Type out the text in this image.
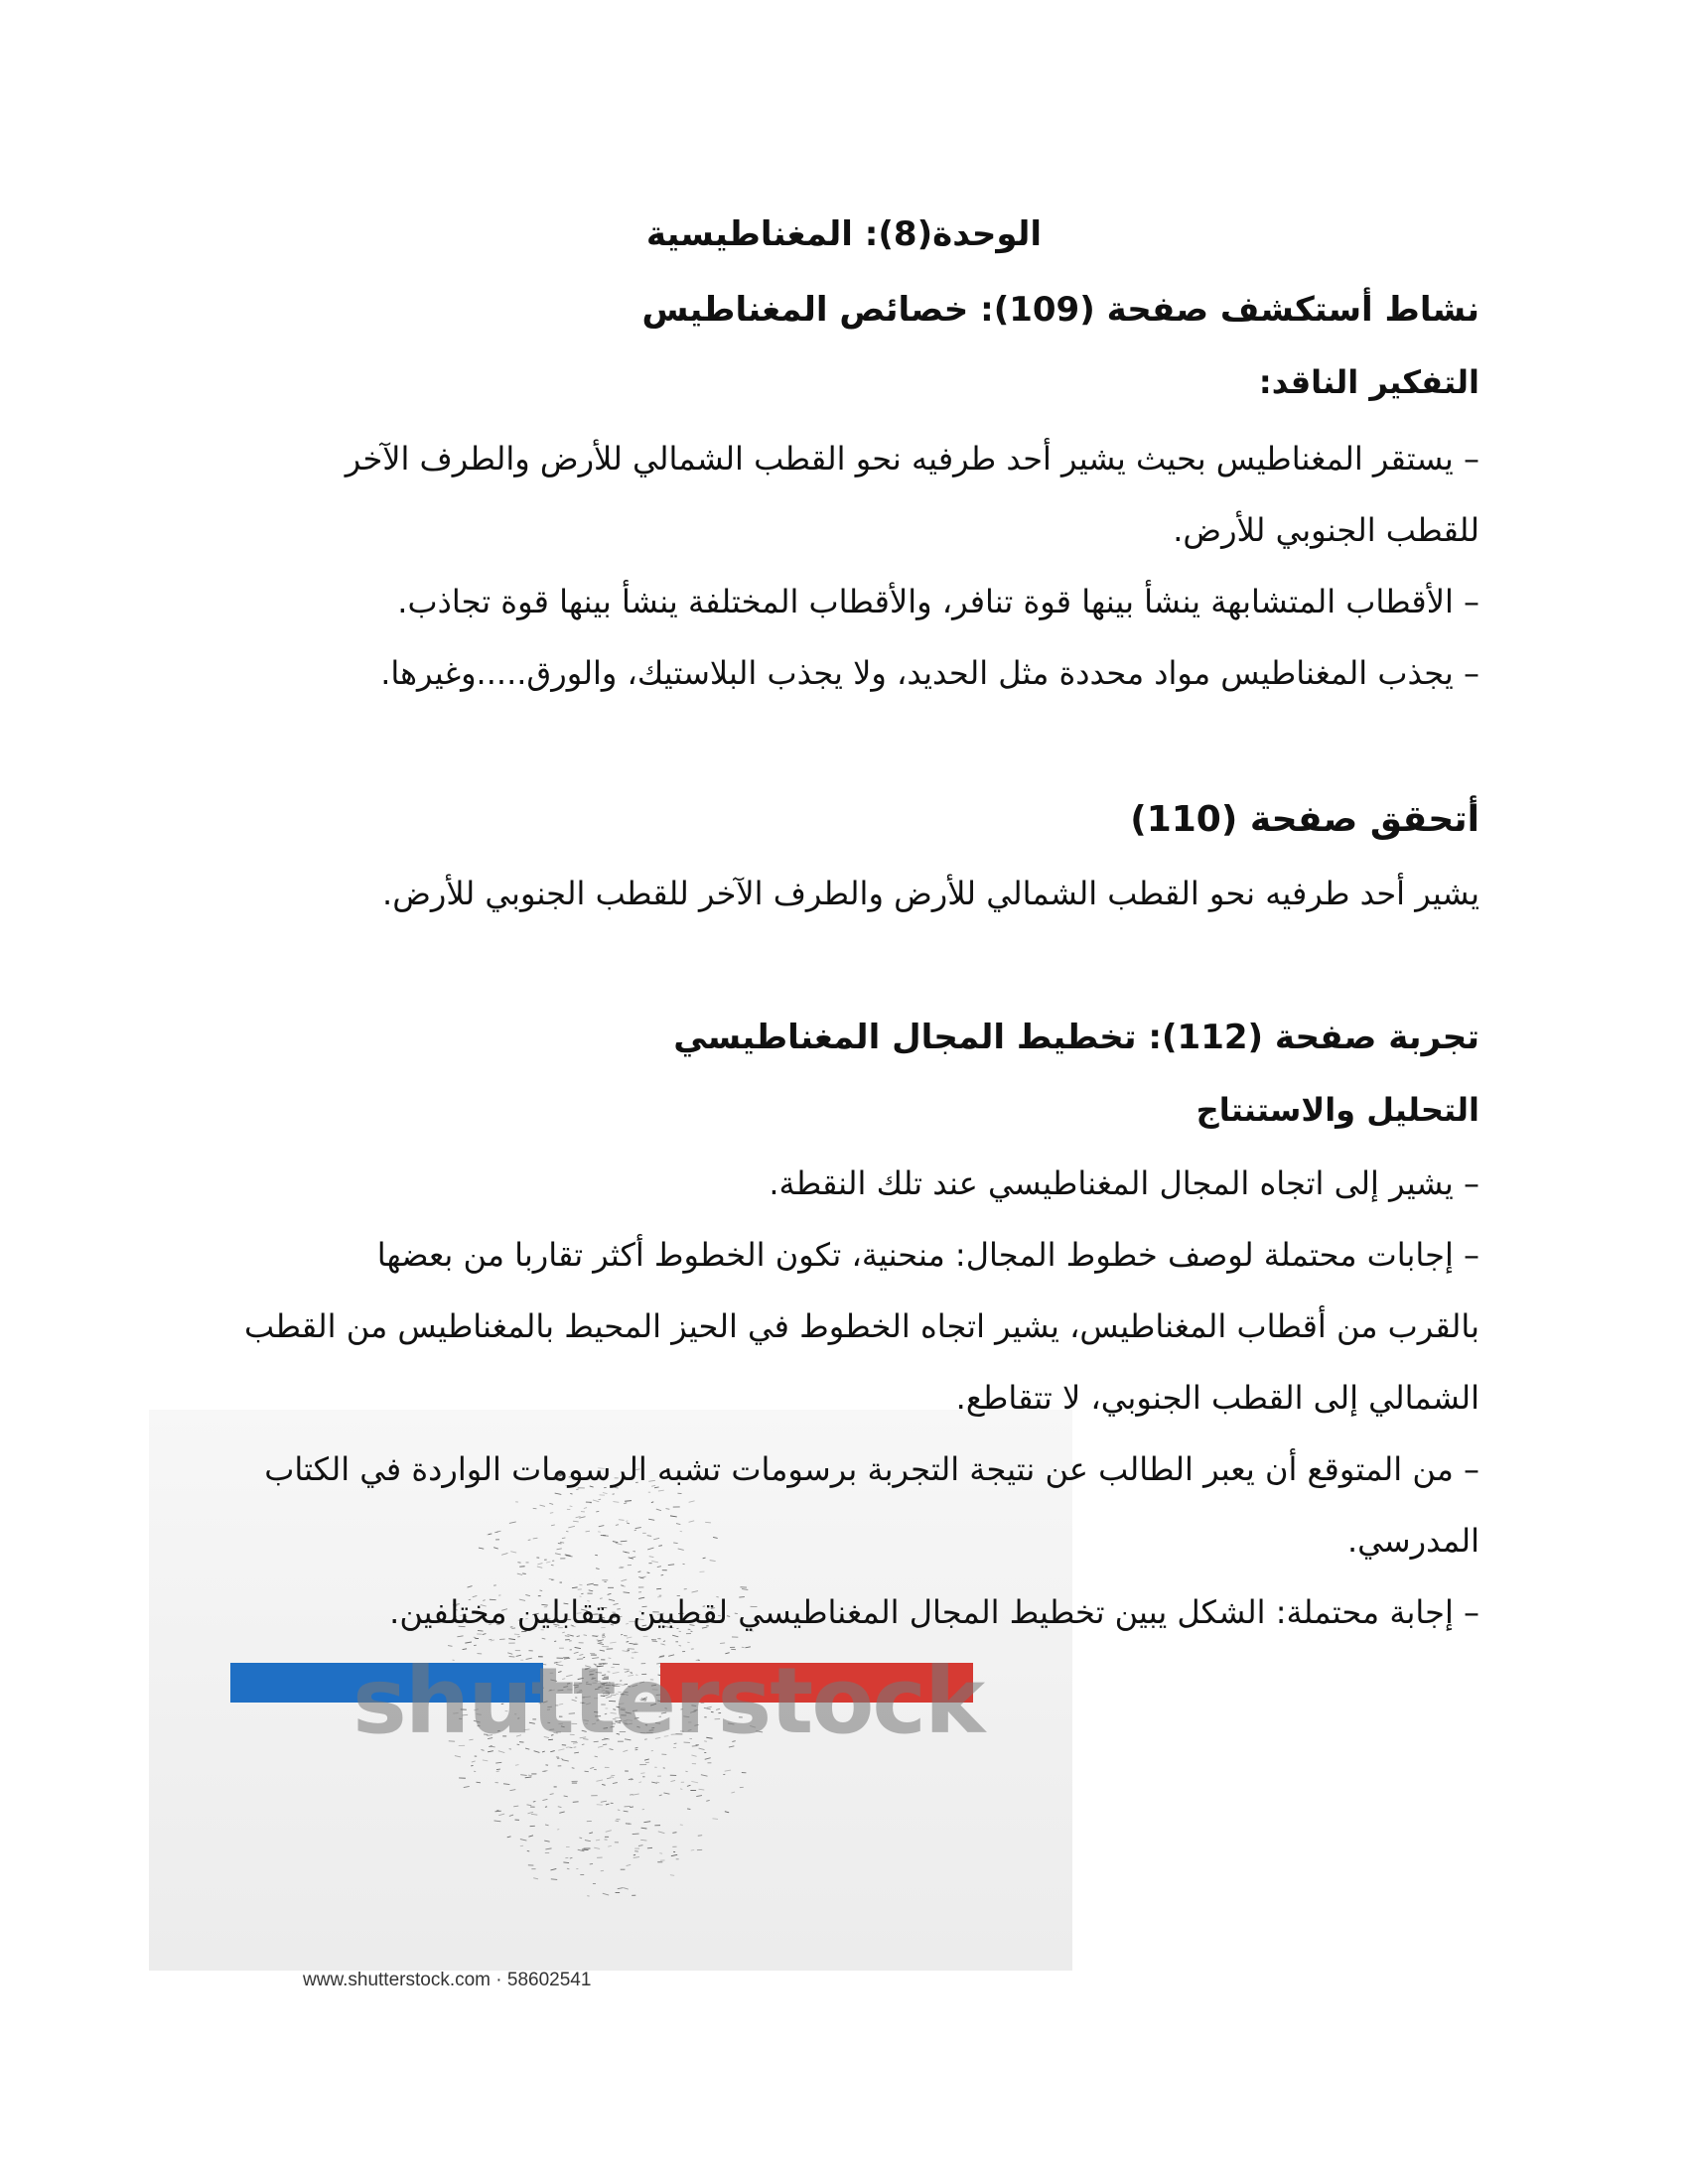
shutterstock
www.shutterstock.com · 58602541

الوحدة(8): المغناطيسية

نشاط أستكشف صفحة (109): خصائص المغناطيس

التفكير الناقد:

– يستقر المغناطيس بحيث يشير أحد طرفيه نحو القطب الشمالي للأرض والطرف الآخر

للقطب الجنوبي للأرض.

– الأقطاب المتشابهة ينشأ بينها قوة تنافر، والأقطاب المختلفة ينشأ بينها قوة تجاذب.

– يجذب المغناطيس مواد محددة مثل الحديد، ولا يجذب البلاستيك، والورق.....وغيرها.

أتحقق صفحة (110)

يشير أحد طرفيه نحو القطب الشمالي للأرض والطرف الآخر للقطب الجنوبي للأرض.

تجربة صفحة (112): تخطيط المجال المغناطيسي

التحليل والاستنتاج

– يشير إلى اتجاه المجال المغناطيسي عند تلك النقطة.

– إجابات محتملة لوصف خطوط المجال: منحنية، تكون الخطوط أكثر تقاربا من بعضها

بالقرب من أقطاب المغناطيس، يشير اتجاه الخطوط في الحيز المحيط بالمغناطيس من القطب

الشمالي إلى القطب الجنوبي، لا تتقاطع.

– من المتوقع أن يعبر الطالب عن نتيجة التجربة برسومات تشبه الرسومات الواردة في الكتاب

المدرسي.

– إجابة محتملة: الشكل يبين تخطيط المجال المغناطيسي لقطبين متقابلين مختلفين.
